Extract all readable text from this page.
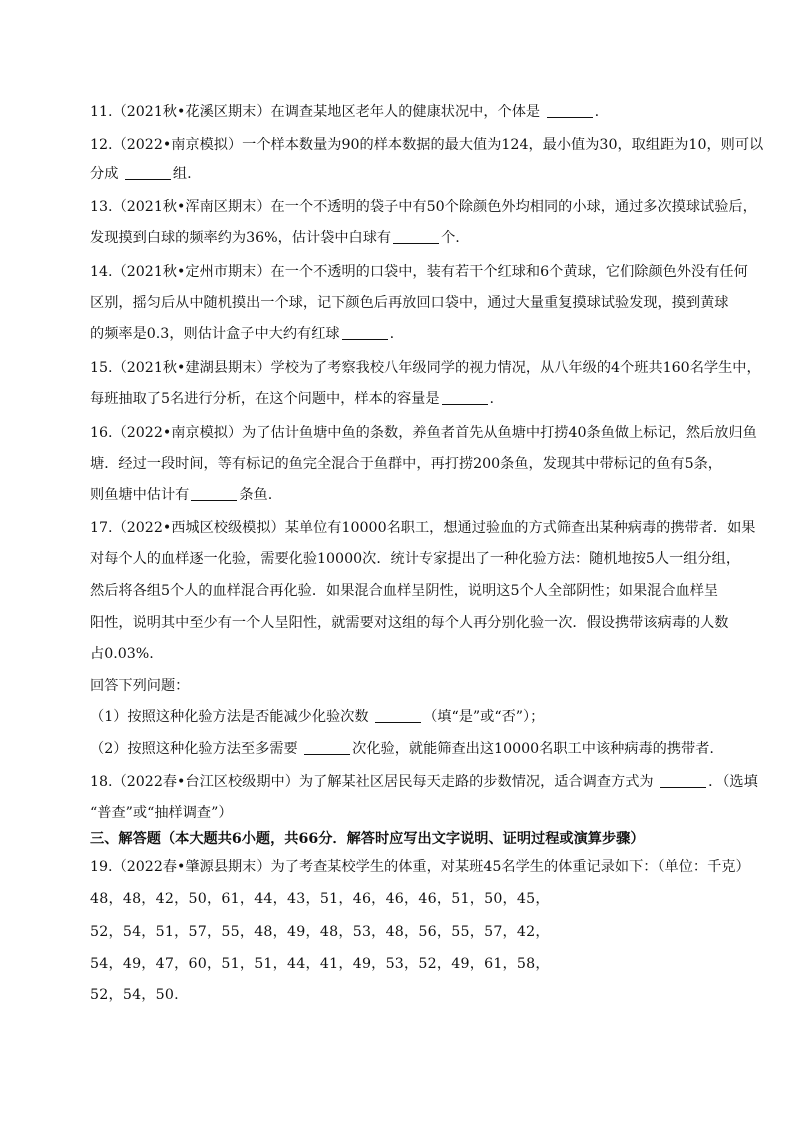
11.（2021秋•花溪区期末）在调查某地区老年人的健康状况中，个体是	.
12.（2022•南京模拟）一个样本数量为90的样本数据的最大值为124，最小值为30，取组距为10，则可以
分成	组.
13.（2021秋•浑南区期末）在一个不透明的袋子中有50个除颜色外均相同的小球，通过多次摸球试验后，
发现摸到白球的频率约为36%，估计袋中白球有	个.
14.（2021秋•定州市期末）在一个不透明的口袋中，装有若干个红球和6个黄球，它们除颜色外没有任何
区别，摇匀后从中随机摸出一个球，记下颜色后再放回口袋中，通过大量重复摸球试验发现，摸到黄球
的频率是0.3，则估计盒子中大约有红球	.
15.（2021秋•建湖县期末）学校为了考察我校八年级同学的视力情况，从八年级的4个班共160名学生中，
每班抽取了5名进行分析，在这个问题中，样本的容量是	.
16.（2022•南京模拟）为了估计鱼塘中鱼的条数，养鱼者首先从鱼塘中打捞40条鱼做上标记，然后放归鱼
塘．经过一段时间，等有标记的鱼完全混合于鱼群中，再打捞200条鱼，发现其中带标记的鱼有5条，
则鱼塘中估计有	条鱼.
17.（2022•西城区校级模拟）某单位有10000名职工，想通过验血的方式筛查出某种病毒的携带者．如果
对每个人的血样逐一化验，需要化验10000次．统计专家提出了一种化验方法：随机地按5人一组分组，
然后将各组5个人的血样混合再化验．如果混合血样呈阴性，说明这5个人全部阴性；如果混合血样呈
阳性，说明其中至少有一个人呈阳性，就需要对这组的每个人再分别化验一次．假设携带该病毒的人数
占0.03%.
回答下列问题：
（1）按照这种化验方法是否能减少化验次数	（填“是”或“否”）；
（2）按照这种化验方法至多需要	次化验，就能筛查出这10000名职工中该种病毒的携带者.
18.（2022春•台江区校级期中）为了解某社区居民每天走路的步数情况，适合调查方式为	．（选填
“普查”或“抽样调查”）
三、解答题（本大题共6小题，共66分．解答时应写出文字说明、证明过程或演算步骤）
19.（2022春•肇源县期末）为了考查某校学生的体重，对某班45名学生的体重记录如下：（单位：千克）
48，48，42，50，61，44，43，51，46，46，46，51，50，45，
52，54，51，57，55，48，49，48，53，48，56，55，57，42，
54，49，47，60，51，51，44，41，49，53，52，49，61，58，
52，54，50.
